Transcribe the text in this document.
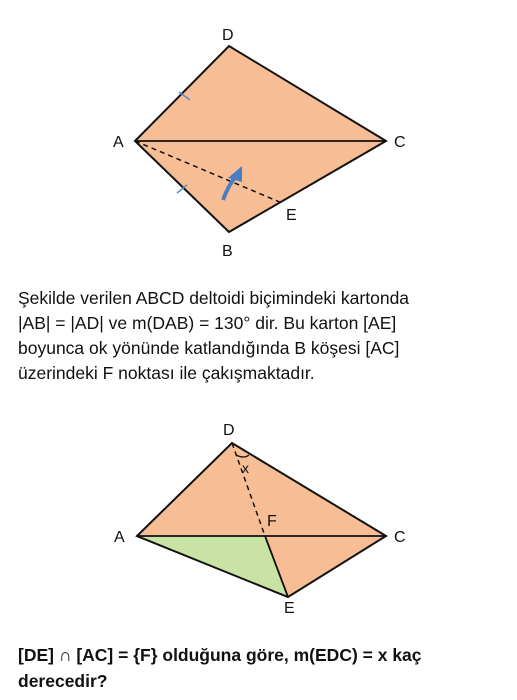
D
A	C
E
B
Şekilde verilen ABCD deltoidi biçimindeki kartonda
|AB| = |AD| ve m(DAB) = 130° dir. Bu karton [AE]
boyunca ok yönünde katlandığında B köşesi [AC]
üzerindeki F noktası ile çakışmaktadır.
D
x
F
A	C
E
[DE] ∩ [AC] = {F} olduğuna göre, m(EDC) = x kaç
derecedir?
